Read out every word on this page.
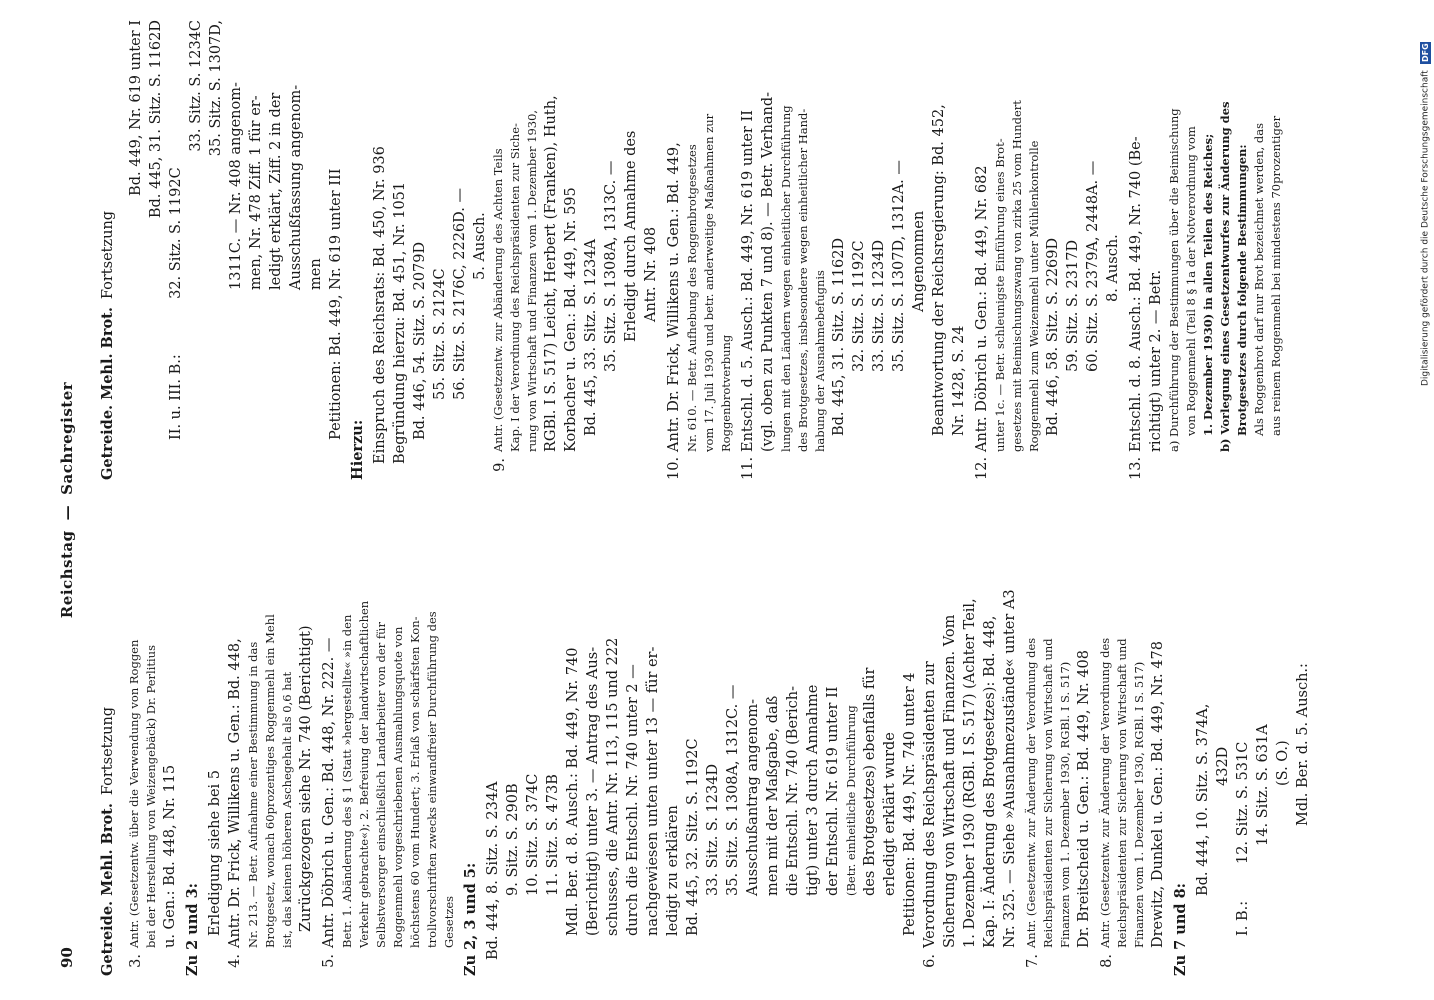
90
Reichstag—Sachregister
Getreide. Mehl. Brot.Fortsetzung
3.
Antr. (Gesetzentw. über die Verwendung von Roggen bei der Herstellung von Weizengebäck) Dr. Perlitius u. Gen.: Bd. 448, Nr. 115 Zu 2 und 3: Erledigung siehe bei 5
4.
Antr. Dr. Frick, Willikens u. Gen.: Bd. 448, Nr. 213. — Betr. Aufnahme einer Bestimmung in das Brotgesetz, wonach 60prozentiges Roggenmehl ein Mehl ist, das keinen höheren Aschegehalt als 0,6 hat Zurückgezogen siehe Nr. 740 (Berichtigt)
5.
Antr. Döbrich u. Gen.: Bd. 448, Nr. 222. — Betr. 1. Abänderung des § 1 (Statt »hergestellte« »in den Verkehr gebrachte«); 2. Befreiung der landwirtschaftlichen Selbstversorger einschließlich Landarbeiter von der für Roggenmehl vorgeschriebenen Ausmahlungsquote von höchstens 60 vom Hundert; 3. Erlaß von schärfsten Kon- trollvorschriften zwecks einwandfreier Durchführung des Gesetzes Zu 2, 3 und 5: Bd. 444, 8. Sitz. S. 234A 9. Sitz. S. 290B 10. Sitz. S. 374C 11. Sitz. S. 473B Mdl. Ber. d. 8. Ausch.: Bd. 449, Nr. 740 (Berichtigt) unter 3. — Antrag des Aus- schusses, die Antr. Nr. 113, 115 und 222 durch die Entschl. Nr. 740 unter 2 — nachgewiesen unten unter 13 — für er- ledigt zu erklären Bd. 445, 32. Sitz. S. 1192C 33. Sitz. S. 1234D 35. Sitz. S. 1308A, 1312C. — Ausschußantrag angenom- men mit der Maßgabe, daß die Entschl. Nr. 740 (Berich- tigt) unter 3 durch Annahme der Entschl. Nr. 619 unter II (Betr. einheitliche Durchführung des Brotgesetzes) ebenfalls für erledigt erklärt wurde Petitionen: Bd. 449, Nr. 740 unter 4
6.
Verordnung des Reichspräsidenten zur Sicherung von Wirtschaft und Finanzen. Vom 1. Dezember 1930 (RGBl. I S. 517) (Achter Teil, Kap. I: Änderung des Brotgesetzes): Bd. 448, Nr. 325. — Siehe »Ausnahmezustände« unter A3
7.
Antr. (Gesetzentw. zur Änderung der Verordnung des Reichspräsidenten zur Sicherung von Wirtschaft und Finanzen vom 1. Dezember 1930, RGBl. I S. 517) Dr. Breitscheid u. Gen.: Bd. 449, Nr. 408
8.
Antr. (Gesetzentw. zur Änderung der Verordnung des Reichspräsidenten zur Sicherung von Wirtschaft und Finanzen vom 1. Dezember 1930, RGBl. I S. 517) Drewitz, Dunkel u. Gen.: Bd. 449, Nr. 478 Zu 7 und 8:
Bd. 444, 10. Sitz. S. 374A, 432D
I. B.:        12. Sitz. S. 531C 14. Sitz. S. 631A (S. O.) Mdl. Ber. d. 5. Ausch.:
Getreide. Mehl. Brot.Fortsetzung
Bd. 449, Nr. 619 unter I Bd. 445, 31. Sitz. S. 1162D
II. u. III. B.:            32. Sitz. S. 1192C
33. Sitz. S. 1234C 35. Sitz. S. 1307D, 1311C. — Nr. 408 angenom- men, Nr. 478 Ziff. 1 für er- ledigt erklärt, Ziff. 2 in der Ausschußfassung angenom- men Petitionen: Bd. 449, Nr. 619 unter III
Hierzu: Einspruch des Reichsrats: Bd. 450, Nr. 936 Begründung hierzu: Bd. 451, Nr. 1051 Bd. 446, 54. Sitz. S. 2079D 55. Sitz. S. 2124C 56. Sitz. S. 2176C, 2226D. — 5. Ausch.
9.
Antr. (Gesetzentw. zur Abänderung des Achten Teils Kap. I der Verordnung des Reichspräsidenten zur Siche- rung von Wirtschaft und Finanzen vom 1. Dezember 1930, RGBl. I S. 517) Leicht, Herbert (Franken), Huth, Korbacher u. Gen.: Bd. 449, Nr. 595 Bd. 445, 33. Sitz. S. 1234A 35. Sitz. S. 1308A, 1313C. — Erledigt durch Annahme des Antr. Nr. 408
10.
Antr. Dr. Frick, Willikens u. Gen.: Bd. 449, Nr. 610. — Betr. Aufhebung des Roggenbrotgesetzes vom 17. Juli 1930 und betr. anderweitige Maßnahmen zur Roggenbrotverbung
11.
Entschl. d. 5. Ausch.: Bd. 449, Nr. 619 unter II (vgl. oben zu Punkten 7 und 8). — Betr. Verhand- lungen mit den Ländern wegen einheitlicher Durchführung des Brotgesetzes, insbesondere wegen einheitlicher Hand- habung der Ausnahmebefugnis Bd. 445, 31. Sitz. S. 1162D 32. Sitz. S. 1192C 33. Sitz. S. 1234D 35. Sitz. S. 1307D, 1312A. — Angenommen Beantwortung der Reichsregierung: Bd. 452, Nr. 1428, S. 24
12.
Antr. Döbrich u. Gen.: Bd. 449, Nr. 682 unter 1c. — Betr. schleunigste Einführung eines Brot- gesetzes mit Beimischungszwang von zirka 25 vom Hundert Roggenmehl zum Weizenmehl unter Mühlenkontrolle Bd. 446, 58. Sitz. S. 2269D 59. Sitz. S. 2317D 60. Sitz. S. 2379A, 2448A. — 8. Ausch.
13.
Entschl. d. 8. Ausch.: Bd. 449, Nr. 740 (Be- richtigt) unter 2. — Betr. a) Durchführung der Bestimmungen über die Beimischung von Roggenmehl (Teil 8 § 1a der Notverordnung vom 1. Dezember 1930) in allen Teilen des Reiches; b) Vorlegung eines Gesetzentwurfes zur Änderung des Brotgesetzes durch folgende Bestimmungen: Als Roggenbrot darf nur Brot bezeichnet werden, das aus reinem Roggenmehl bei mindestens 70prozentiger	Digitalisierung gefördert durch die Deutsche Forschungsgemeinschaft
DFG
